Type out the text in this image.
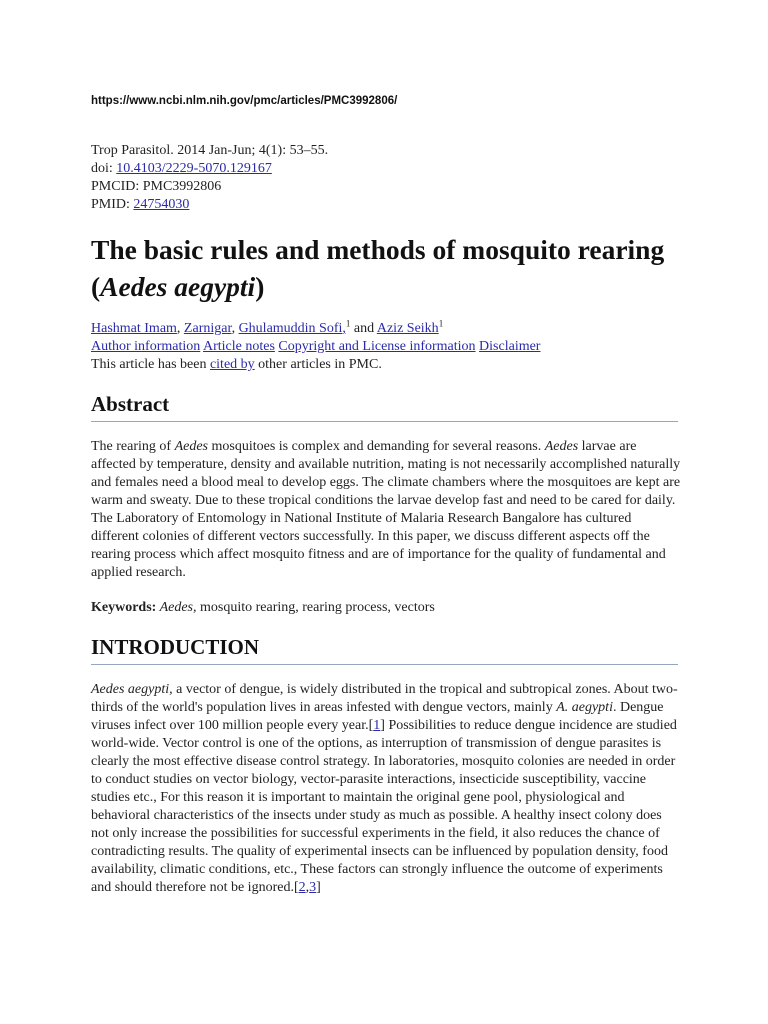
https://www.ncbi.nlm.nih.gov/pmc/articles/PMC3992806/
Trop Parasitol. 2014 Jan-Jun; 4(1): 53–55.
doi: 10.4103/2229-5070.129167
PMCID: PMC3992806
PMID: 24754030
The basic rules and methods of mosquito rearing (Aedes aegypti)
Hashmat Imam, Zarnigar, Ghulamuddin Sofi,$^1$ and Aziz Seikh$^1$
Author information Article notes Copyright and License information Disclaimer
This article has been cited by other articles in PMC.
Abstract

The rearing of Aedes mosquitoes is complex and demanding for several reasons. Aedes larvae are affected by temperature, density and available nutrition, mating is not necessarily accomplished naturally and females need a blood meal to develop eggs. The climate chambers where the mosquitoes are kept are warm and sweaty. Due to these tropical conditions the larvae develop fast and need to be cared for daily. The Laboratory of Entomology in National Institute of Malaria Research Bangalore has cultured different colonies of different vectors successfully. In this paper, we discuss different aspects off the rearing process which affect mosquito fitness and are of importance for the quality of fundamental and applied research.

Keywords: Aedes, mosquito rearing, rearing process, vectors

INTRODUCTION

Aedes aegypti, a vector of dengue, is widely distributed in the tropical and subtropical zones. About two-thirds of the world's population lives in areas infested with dengue vectors, mainly A. aegypti. Dengue viruses infect over 100 million people every year.[1] Possibilities to reduce dengue incidence are studied world-wide. Vector control is one of the options, as interruption of transmission of dengue parasites is clearly the most effective disease control strategy. In laboratories, mosquito colonies are needed in order to conduct studies on vector biology, vector-parasite interactions, insecticide susceptibility, vaccine studies etc., For this reason it is important to maintain the original gene pool, physiological and behavioral characteristics of the insects under study as much as possible. A healthy insect colony does not only increase the possibilities for successful experiments in the field, it also reduces the chance of contradicting results. The quality of experimental insects can be influenced by population density, food availability, climatic conditions, etc., These factors can strongly influence the outcome of experiments and should therefore not be ignored.[2,3]
